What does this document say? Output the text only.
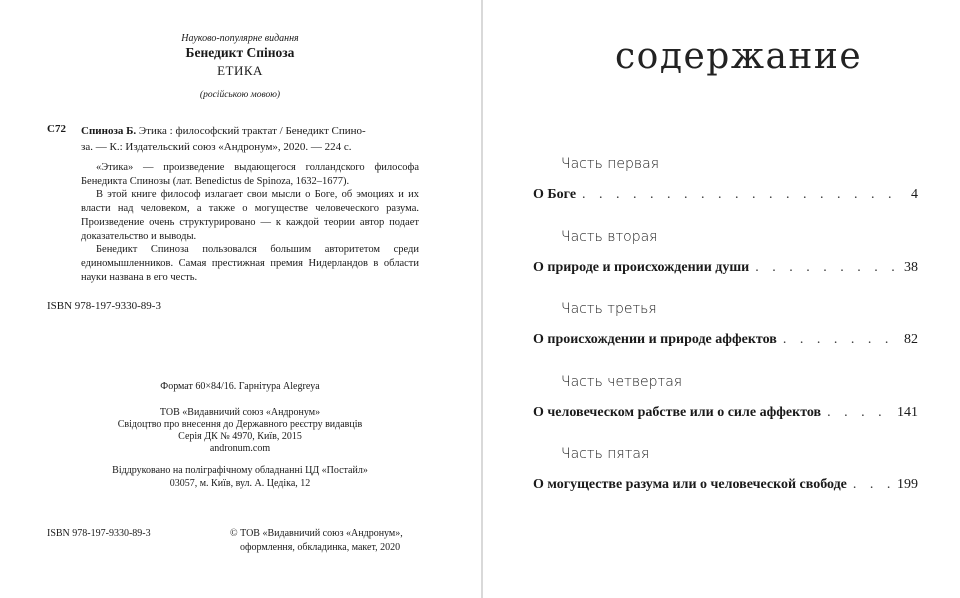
Науково-популярне видання
Бенедикт Спіноза
ЕТИКА
(російською мовою)
С72 Спиноза Б. Этика : философский трактат / Бенедикт Спино-
за. — К.: Издательский союз «Андронум», 2020. — 224 с.

«Этика» — произведение выдающегося голландского философа Бенедикта Спинозы (лат. Benedictus de Spinoza, 1632–1677).

В этой книге философ излагает свои мысли о Боге, об эмоциях и их власти над человеком, а также о могуществе человеческого разума. Произведение очень структурировано — к каждой теории автор подает доказательство и выводы.

Бенедикт Спиноза пользовался большим авторитетом среди единомышленников. Самая престижная премия Нидерландов в области науки названа в его честь.

ISBN 978-197-9330-89-3
Формат 60×84/16. Гарнітура Alegreya
ТОВ «Видавничий союз «Андронум»
Свідоцтво про внесення до Державного реєстру видавців
Серія ДК № 4970, Київ, 2015
andronum.com
Віддруковано на поліграфічному обладнанні ЦД «Постайл»
03057, м. Київ, вул. А. Цедіка, 12
ISBN 978-197-9330-89-3	© ТОВ «Видавничий союз «Андронум»,
оформлення, обкладинка, макет, 2020
содержание
Часть первая
О Боге . . .	4
Часть вторая
О природе и происхождении души . . .	38
Часть третья
О происхождении и природе аффектов . . .	82
Часть четвертая
О человеческом рабстве или о силе аффектов . . .	141
Часть пятая
О могуществе разума или о человеческой свободе . . .	199
